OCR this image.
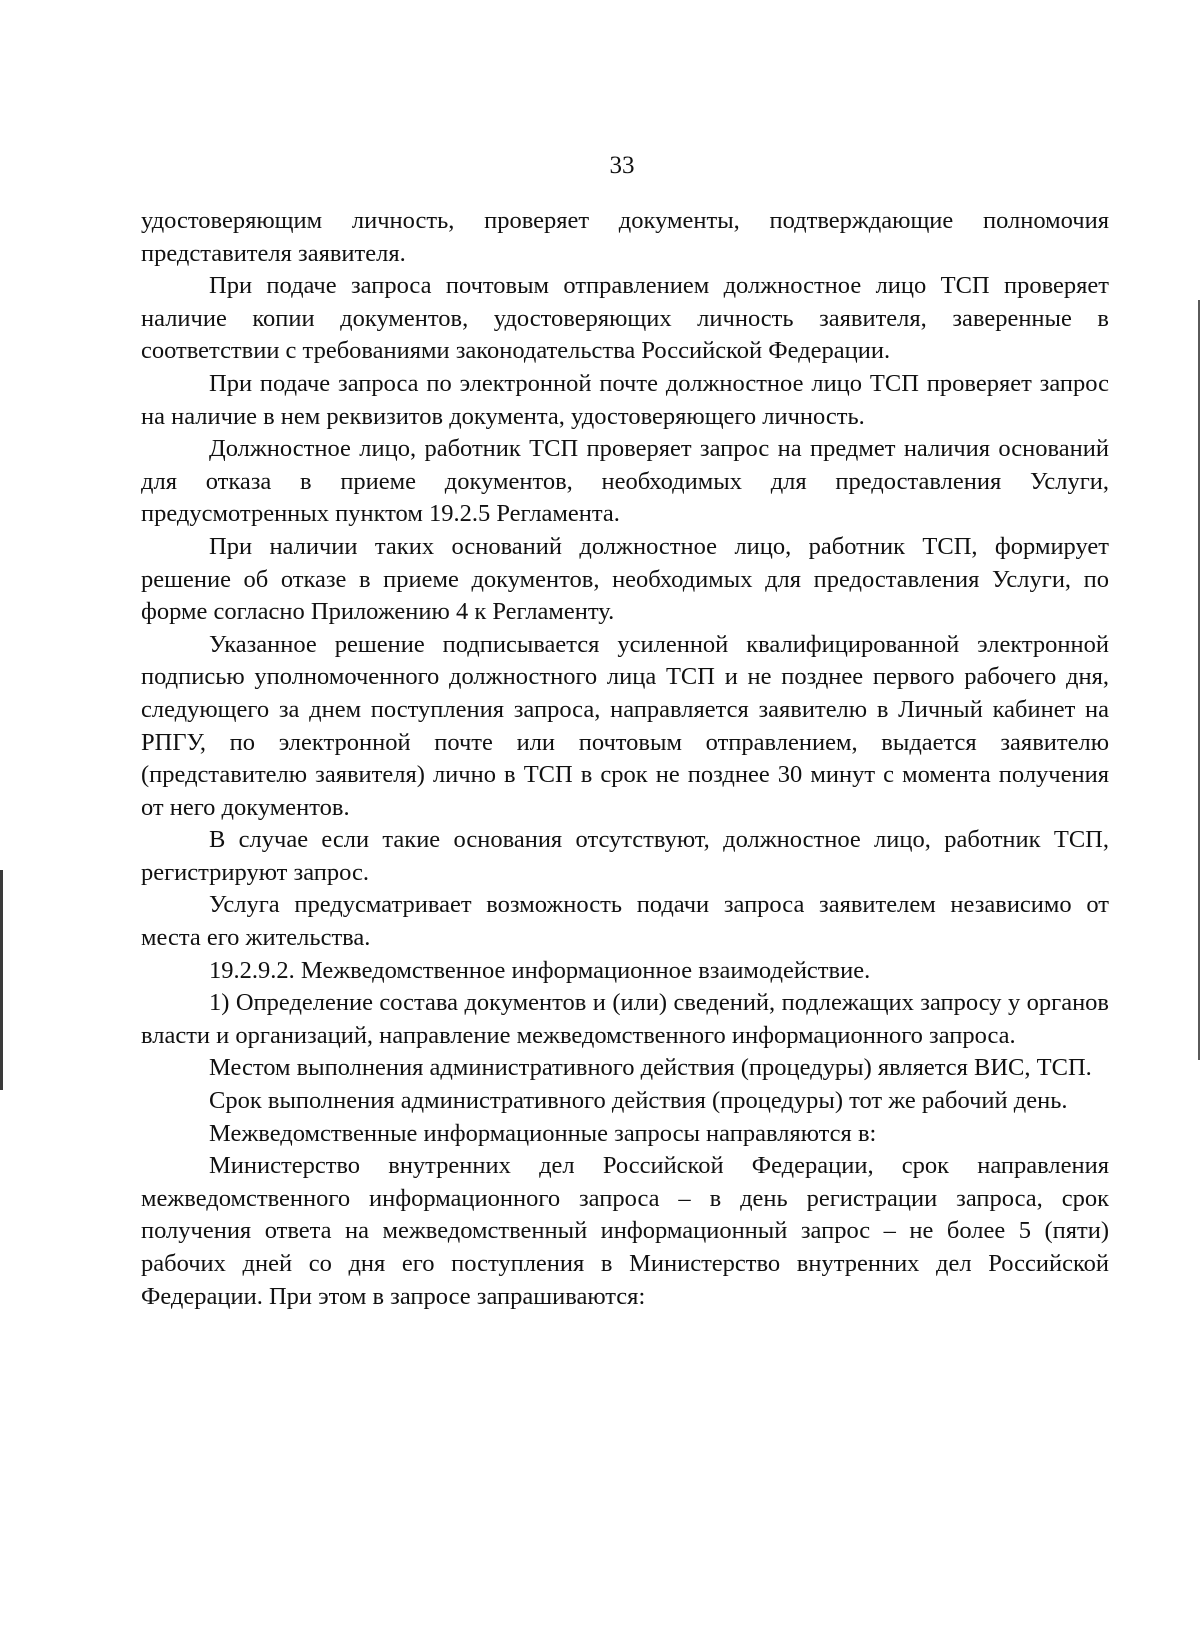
33

удостоверяющим личность, проверяет документы, подтверждающие полномочия представителя заявителя.

При подаче запроса почтовым отправлением должностное лицо ТСП проверяет наличие копии документов, удостоверяющих личность заявителя, заверенные в соответствии с требованиями законодательства Российской Федерации.

При подаче запроса по электронной почте должностное лицо ТСП проверяет запрос на наличие в нем реквизитов документа, удостоверяющего личность.

Должностное лицо, работник ТСП проверяет запрос на предмет наличия оснований для отказа в приеме документов, необходимых для предоставления Услуги, предусмотренных пунктом 19.2.5 Регламента.

При наличии таких оснований должностное лицо, работник ТСП, формирует решение об отказе в приеме документов, необходимых для предоставления Услуги, по форме согласно Приложению 4 к Регламенту.

Указанное решение подписывается усиленной квалифицированной электронной подписью уполномоченного должностного лица ТСП и не позднее первого рабочего дня, следующего за днем поступления запроса, направляется заявителю в Личный кабинет на РПГУ, по электронной почте или почтовым отправлением, выдается заявителю (представителю заявителя) лично в ТСП в срок не позднее 30 минут с момента получения от него документов.

В случае если такие основания отсутствуют, должностное лицо, работник ТСП, регистрируют запрос.

Услуга предусматривает возможность подачи запроса заявителем независимо от места его жительства.

19.2.9.2. Межведомственное информационное взаимодействие.

1) Определение состава документов и (или) сведений, подлежащих запросу у органов власти и организаций, направление межведомственного информационного запроса.

Местом выполнения административного действия (процедуры) является ВИС, ТСП.

Срок выполнения административного действия (процедуры) тот же рабочий день.

Межведомственные информационные запросы направляются в:

Министерство внутренних дел Российской Федерации, срок направления межведомственного информационного запроса – в день регистрации запроса, срок получения ответа на межведомственный информационный запрос – не более 5 (пяти) рабочих дней со дня его поступления в Министерство внутренних дел Российской Федерации. При этом в запросе запрашиваются:
